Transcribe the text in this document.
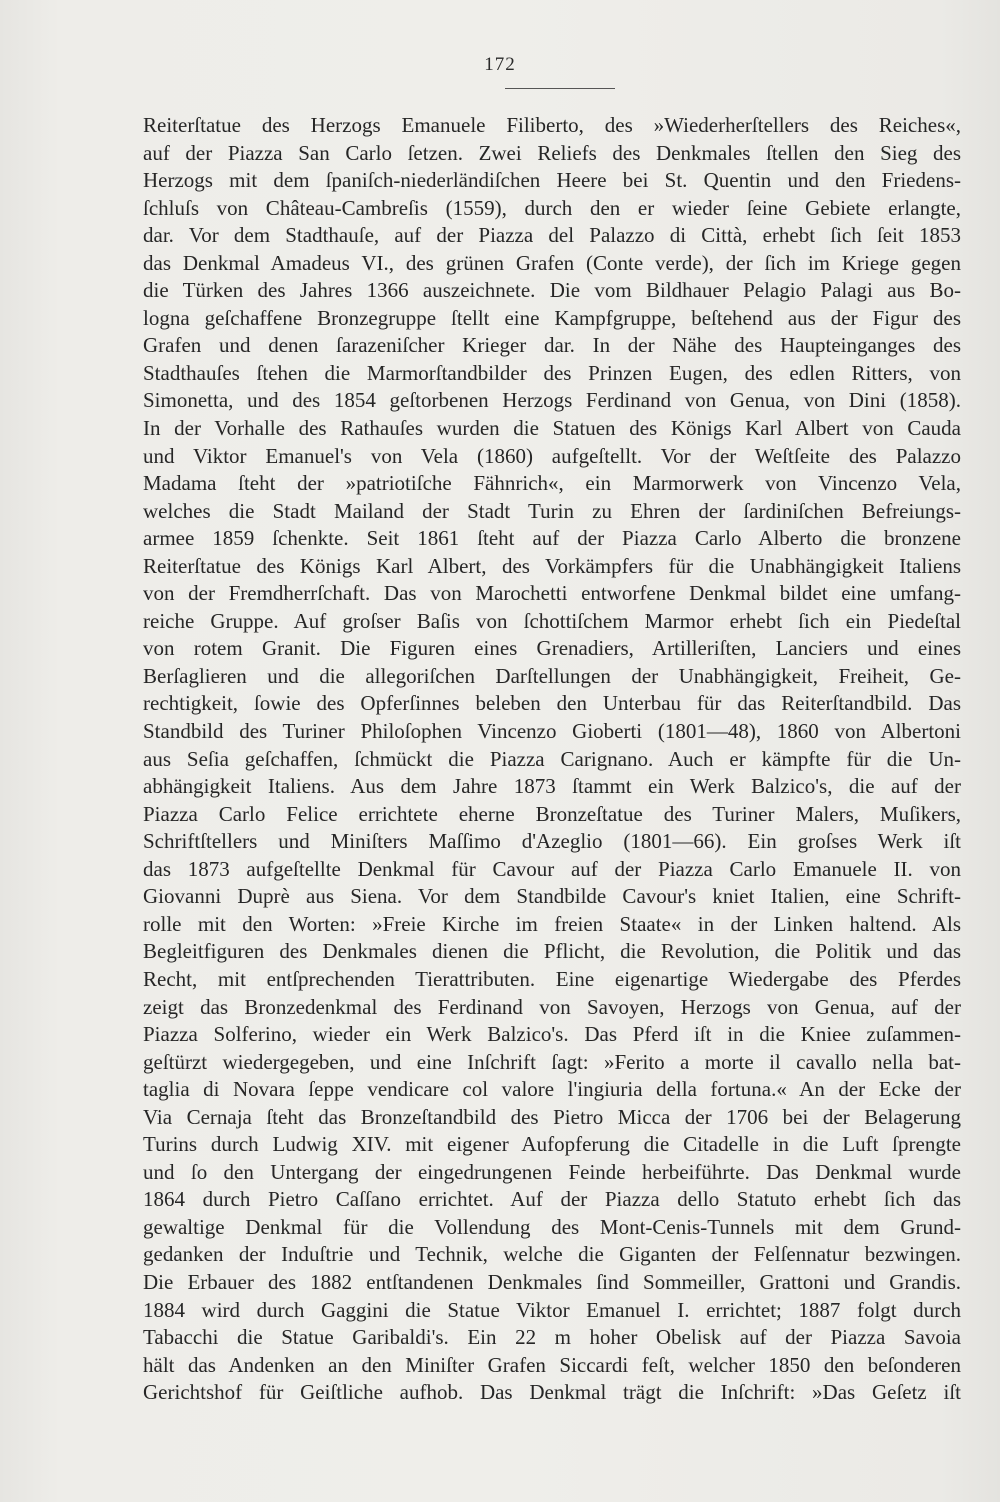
172
Reiterſtatue des Herzogs Emanuele Filiberto, des »Wiederherſtellers des Reiches«,
auf der Piazza San Carlo ſetzen. Zwei Reliefs des Denkmales ſtellen den Sieg des
Herzogs mit dem ſpaniſch-niederländiſchen Heere bei St. Quentin und den Friedens-
ſchluſs von Château-Cambreſis (1559), durch den er wieder ſeine Gebiete erlangte,
dar. Vor dem Stadthauſe, auf der Piazza del Palazzo di Città, erhebt ſich ſeit 1853
das Denkmal Amadeus VI., des grünen Grafen (Conte verde), der ſich im Kriege gegen
die Türken des Jahres 1366 auszeichnete. Die vom Bildhauer Pelagio Palagi aus Bo-
logna geſchaffene Bronzegruppe ſtellt eine Kampfgruppe, beſtehend aus der Figur des
Grafen und denen ſarazeniſcher Krieger dar. In der Nähe des Haupteinganges des
Stadthauſes ſtehen die Marmorſtandbilder des Prinzen Eugen, des edlen Ritters, von
Simonetta, und des 1854 geſtorbenen Herzogs Ferdinand von Genua, von Dini (1858).
In der Vorhalle des Rathauſes wurden die Statuen des Königs Karl Albert von Cauda
und Viktor Emanuel's von Vela (1860) aufgeſtellt. Vor der Weſtſeite des Palazzo
Madama ſteht der »patriotiſche Fähnrich«, ein Marmorwerk von Vincenzo Vela,
welches die Stadt Mailand der Stadt Turin zu Ehren der ſardiniſchen Befreiungs-
armee 1859 ſchenkte. Seit 1861 ſteht auf der Piazza Carlo Alberto die bronzene
Reiterſtatue des Königs Karl Albert, des Vorkämpfers für die Unabhängigkeit Italiens
von der Fremdherrſchaft. Das von Marochetti entworfene Denkmal bildet eine umfang-
reiche Gruppe. Auf groſser Baſis von ſchottiſchem Marmor erhebt ſich ein Piedeſtal
von rotem Granit. Die Figuren eines Grenadiers, Artilleriſten, Lanciers und eines
Berſaglieren und die allegoriſchen Darſtellungen der Unabhängigkeit, Freiheit, Ge-
rechtigkeit, ſowie des Opferſinnes beleben den Unterbau für das Reiterſtandbild. Das
Standbild des Turiner Philoſophen Vincenzo Gioberti (1801—48), 1860 von Albertoni
aus Seſia geſchaffen, ſchmückt die Piazza Carignano. Auch er kämpfte für die Un-
abhängigkeit Italiens. Aus dem Jahre 1873 ſtammt ein Werk Balzico's, die auf der
Piazza Carlo Felice errichtete eherne Bronzeſtatue des Turiner Malers, Muſikers,
Schriftſtellers und Miniſters Maſſimo d'Azeglio (1801—66). Ein groſses Werk iſt
das 1873 aufgeſtellte Denkmal für Cavour auf der Piazza Carlo Emanuele II. von
Giovanni Duprè aus Siena. Vor dem Standbilde Cavour's kniet Italien, eine Schrift-
rolle mit den Worten: »Freie Kirche im freien Staate« in der Linken haltend. Als
Begleitfiguren des Denkmales dienen die Pflicht, die Revolution, die Politik und das
Recht, mit entſprechenden Tierattributen. Eine eigenartige Wiedergabe des Pferdes
zeigt das Bronzedenkmal des Ferdinand von Savoyen, Herzogs von Genua, auf der
Piazza Solferino, wieder ein Werk Balzico's. Das Pferd iſt in die Kniee zuſammen-
geſtürzt wiedergegeben, und eine Inſchrift ſagt: »Ferito a morte il cavallo nella bat-
taglia di Novara ſeppe vendicare col valore l'ingiuria della fortuna.« An der Ecke der
Via Cernaja ſteht das Bronzeſtandbild des Pietro Micca der 1706 bei der Belagerung
Turins durch Ludwig XIV. mit eigener Aufopferung die Citadelle in die Luft ſprengte
und ſo den Untergang der eingedrungenen Feinde herbeiführte. Das Denkmal wurde
1864 durch Pietro Caſſano errichtet. Auf der Piazza dello Statuto erhebt ſich das
gewaltige Denkmal für die Vollendung des Mont-Cenis-Tunnels mit dem Grund-
gedanken der Induſtrie und Technik, welche die Giganten der Felſennatur bezwingen.
Die Erbauer des 1882 entſtandenen Denkmales ſind Sommeiller, Grattoni und Grandis.
1884 wird durch Gaggini die Statue Viktor Emanuel I. errichtet; 1887 folgt durch
Tabacchi die Statue Garibaldi's. Ein 22 m hoher Obelisk auf der Piazza Savoia
hält das Andenken an den Miniſter Grafen Siccardi feſt, welcher 1850 den beſonderen
Gerichtshof für Geiſtliche aufhob. Das Denkmal trägt die Inſchrift: »Das Geſetz iſt
